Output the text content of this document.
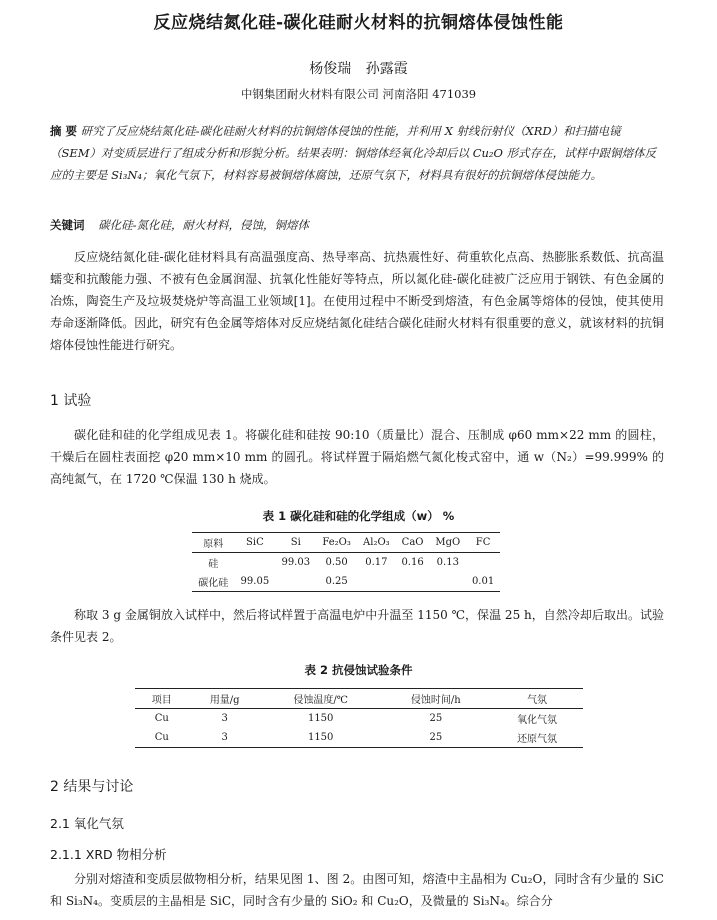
反应烧结氮化硅-碳化硅耐火材料的抗铜熔体侵蚀性能
杨俊瑞 孙露霞
中钢集团耐火材料有限公司 河南洛阳 471039
摘 要 研究了反应烧结氮化硅-碳化硅耐火材料的抗铜熔体侵蚀的性能，并利用 X 射线衍射仪（XRD）和扫描电镜（SEM）对变质层进行了组成分析和形貌分析。结果表明：铜熔体经氧化冷却后以 Cu₂O 形式存在，试样中跟铜熔体反应的主要是 Si₃N₄；氧化气氛下，材料容易被铜熔体腐蚀，还原气氛下，材料具有很好的抗铜熔体侵蚀能力。
关键词 碳化硅-氮化硅，耐火材料，侵蚀，铜熔体
反应烧结氮化硅-碳化硅材料具有高温强度高、热导率高、抗热震性好、荷重软化点高、热膨胀系数低、抗高温蠕变和抗酸能力强、不被有色金属润湿、抗氧化性能好等特点，所以氮化硅-碳化硅被广泛应用于钢铁、有色金属的冶炼，陶瓷生产及垃圾焚烧炉等高温工业领域[1]。在使用过程中不断受到熔渣，有色金属等熔体的侵蚀，使其使用寿命逐渐降低。因此，研究有色金属等熔体对反应烧结氮化硅结合碳化硅耐火材料有很重要的意义，就该材料的抗铜熔体侵蚀性能进行研究。
1 试验
碳化硅和硅的化学组成见表 1。将碳化硅和硅按 90:10（质量比）混合、压制成 φ60 mm×22 mm 的圆柱，干燥后在圆柱表面挖 φ20 mm×10 mm 的圆孔。将试样置于隔焰燃气氮化梭式窑中，通 w（N₂）=99.999% 的高纯氮气，在 1720 ℃保温 130 h 烧成。
表 1 碳化硅和硅的化学组成（w） %
原料	SiC	Si	Fe₂O₃	Al₂O₃	CaO	MgO	FC
硅		99.03	0.50	0.17	0.16	0.13	
碳化硅	99.05		0.25				0.01
称取 3 g 金属铜放入试样中，然后将试样置于高温电炉中升温至 1150 ℃，保温 25 h，自然冷却后取出。试验条件见表 2。
表 2 抗侵蚀试验条件
项目	用量/g	侵蚀温度/℃	侵蚀时间/h	气氛
Cu	3	1150	25	氧化气氛
Cu	3	1150	25	还原气氛
2 结果与讨论
2.1 氧化气氛
2.1.1 XRD 物相分析
分别对熔渣和变质层做物相分析，结果见图 1、图 2。由图可知，熔渣中主晶相为 Cu₂O，同时含有少量的 SiC 和 Si₃N₄。变质层的主晶相是 SiC，同时含有少量的 SiO₂ 和 Cu₂O，及微量的 Si₃N₄。综合分
